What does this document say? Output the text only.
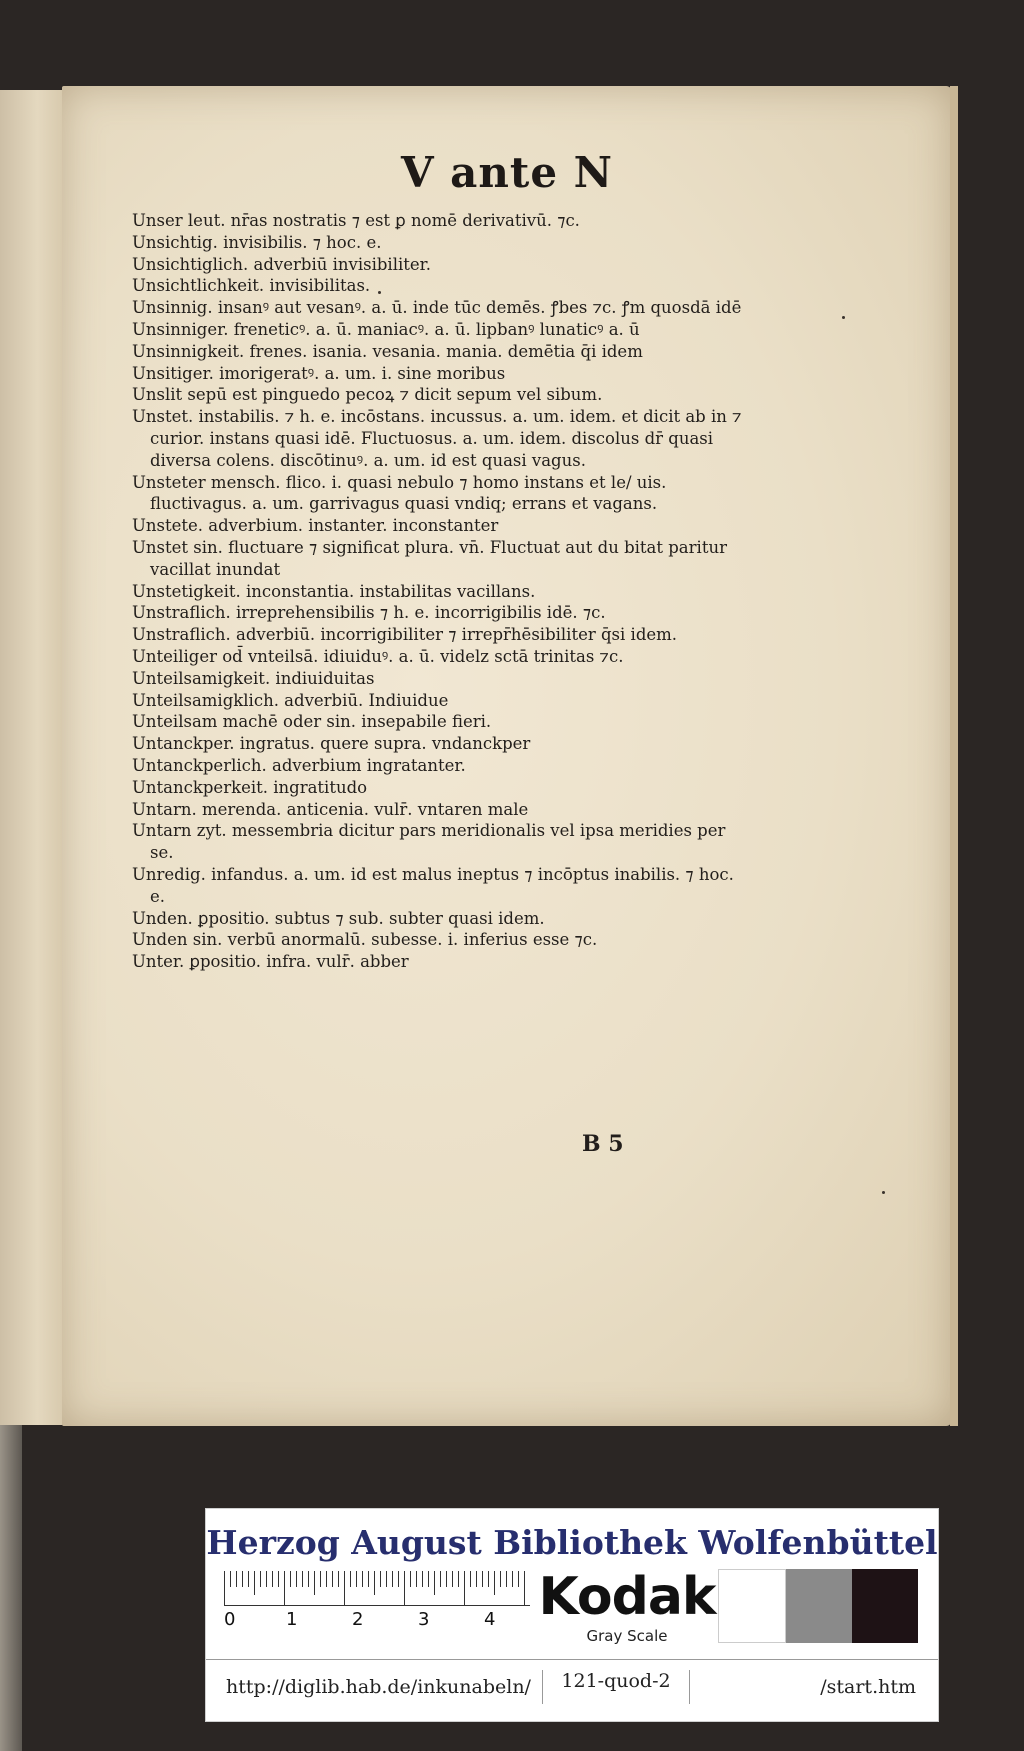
V ante N

Unser leut. nr̄as nostratis ⁊ est ꝑ nomē derivativū. ⁊c.

Unsichtig. invisibilis. ⁊ hoc. e.

Unsichtiglich. adverbiū invisibiliter.

Unsichtlichkeit. invisibilitas.

Unsinnig. insanꝰ aut vesanꝰ. a. ū. inde tūc demēs. ꝭbes ⁊c. ꝭm quosdā idē

Unsinniger. freneticꝰ. a. ū. maniacꝰ. a. ū. lipbanꝰ lunaticꝰ a. ū

Unsinnigkeit. frenes. isania. vesania. mania. demētia q̄i idem

Unsitiger. imorigeratꝰ. a. um. i. sine moribus

Unslit sepū est pinguedo pecoꝝ ⁊ dicit sepum vel sibum.

Unstet. instabilis. ⁊ h. e. incōstans. incussus. a. um. idem. et dicit ab in ⁊ curior. instans quasi idē. Fluctuosus. a. um. idem. discolus dr̄ quasi diversa colens. discōtinuꝰ. a. um. id est quasi vagus.

Unsteter mensch. flico. i. quasi nebulo ⁊ homo instans et le/ uis. fluctivagus. a. um. garrivagus quasi vndiq; errans et vagans.

Unstete. adverbium. instanter. inconstanter

Unstet sin. fluctuare ⁊ significat plura. vn̄. Fluctuat aut du bitat paritur vacillat inundat

Unstetigkeit. inconstantia. instabilitas vacillans.

Unstraflich. irreprehensibilis ⁊ h. e. incorrigibilis idē. ⁊c.

Unstraflich. adverbiū. incorrigibiliter ⁊ irrepr̄hēsibiliter q̄si idem.

Unteiliger od̄ vnteilsā. idiuiduꝰ. a. ū. videlz sctā trinitas ⁊c.

Unteilsamigkeit. indiuiduitas

Unteilsamigklich. adverbiū. Indiuidue

Unteilsam machē oder sin. insepabile fieri.

Untanckper. ingratus. quere supra. vndanckper

Untanckperlich. adverbium ingratanter.

Untanckperkeit. ingratitudo

Untarn. merenda. anticenia. vulr̄. vntaren male

Untarn zyt. messembria dicitur pars meridionalis vel ipsa meridies per se.

Unredig. infandus. a. um. id est malus ineptus ⁊ incōptus inabilis. ⁊ hoc. e.

Unden. ꝑpositio. subtus ⁊ sub. subter quasi idem.

Unden sin. verbū anormalū. subesse. i. inferius esse ⁊c.

Unter. ꝑpositio. infra. vulr̄. abber

B 5
Herzog August Bibliothek Wolfenbüttel
0	1	2	3	4 Kodak
Gray Scale
http://diglib.hab.de/inkunabeln/	121-quod-2	/start.htm
